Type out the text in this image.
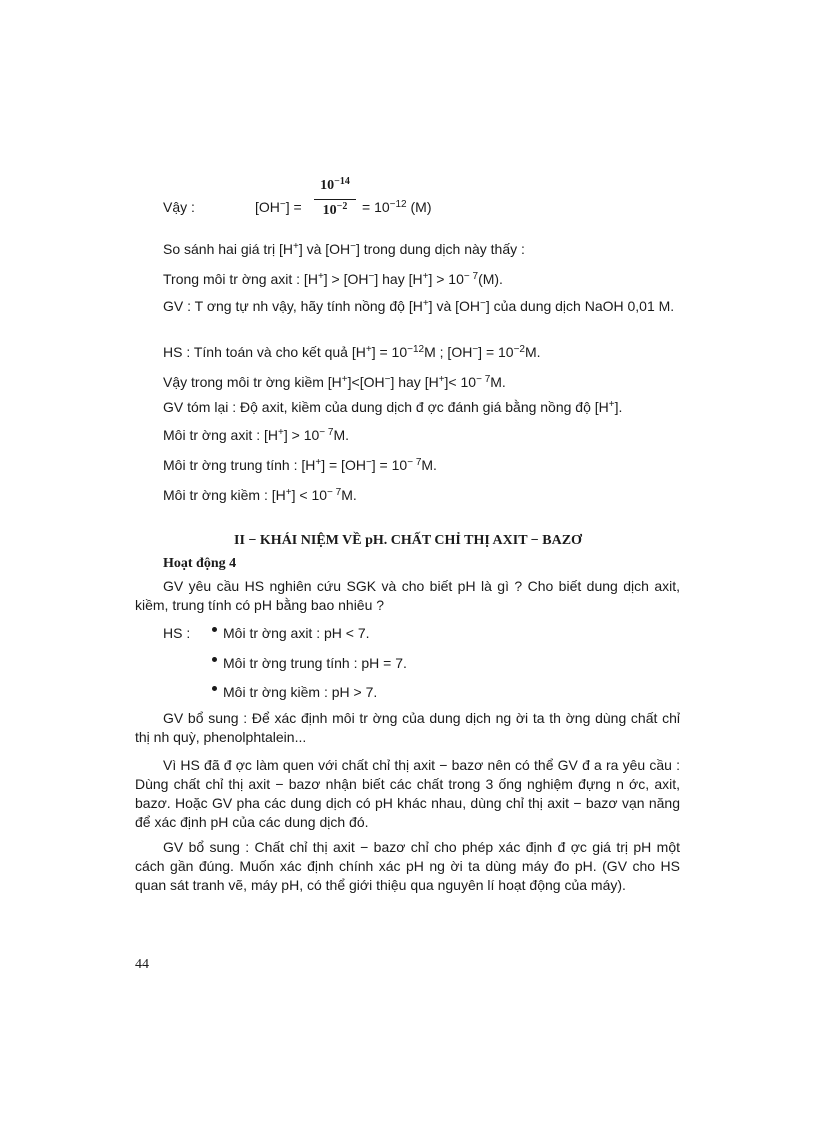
Vậy :	[OH−] =
$10^{-14}$
$10^{-2}$	= $10^{-12}$ (M)
So sánh hai giá trị [H+] và [OH−] trong dung dịch này thấy :
Trong môi tr ờng axit : [H+] > [OH−] hay $[H^+] > 10^{- 7}(M)$.
GV : T ơng tự nh vậy, hãy tính nồng độ [H+] và [OH−] của dung dịch NaOH 0,01 M.
HS : Tính toán và cho kết quả $[H^+] = 10^{-12}M$ ; $[OH^-] = 10^{-2}M$.
Vậy trong môi tr ờng kiềm [H+]<[OH−] hay $[H^+]< 10^{- 7}M$.
GV tóm lại : Độ axit, kiềm của dung dịch đ ợc đánh giá bằng nồng độ [H+].
Môi tr ờng axit : $[H^+] > 10^{- 7}M$.
Môi tr ờng trung tính : $[H^+] = [OH^-] = 10^{- 7}M$.
Môi tr ờng kiềm : $[H^+] < 10^{- 7}M$.
II − KHÁI NIỆM VỀ pH. CHẤT CHỈ THỊ AXIT − BAZƠ
Hoạt động 4
GV yêu cầu HS nghiên cứu SGK và cho biết pH là gì ? Cho biết dung dịch axit, kiềm, trung tính có pH bằng bao nhiêu ?
HS :	Môi tr ờng axit : pH < 7.
Môi tr ờng trung tính : pH = 7.
Môi tr ờng kiềm : pH > 7.
GV bổ sung : Để xác định môi tr ờng của dung dịch ng ời ta th ờng dùng chất chỉ thị nh quỳ, phenolphtalein...
Vì HS đã đ ợc làm quen với chất chỉ thị axit − bazơ nên có thể GV đ a ra yêu cầu : Dùng chất chỉ thị axit − bazơ nhận biết các chất trong 3 ống nghiệm đựng n ớc, axit, bazơ. Hoặc GV pha các dung dịch có pH khác nhau, dùng chỉ thị axit − bazơ vạn năng để xác định pH của các dung dịch đó.
GV bổ sung : Chất chỉ thị axit − bazơ chỉ cho phép xác định đ ợc giá trị pH một cách gần đúng. Muốn xác định chính xác pH ng ời ta dùng máy đo pH. (GV cho HS quan sát tranh vẽ, máy pH, có thể giới thiệu qua nguyên lí hoạt động của máy).
44
